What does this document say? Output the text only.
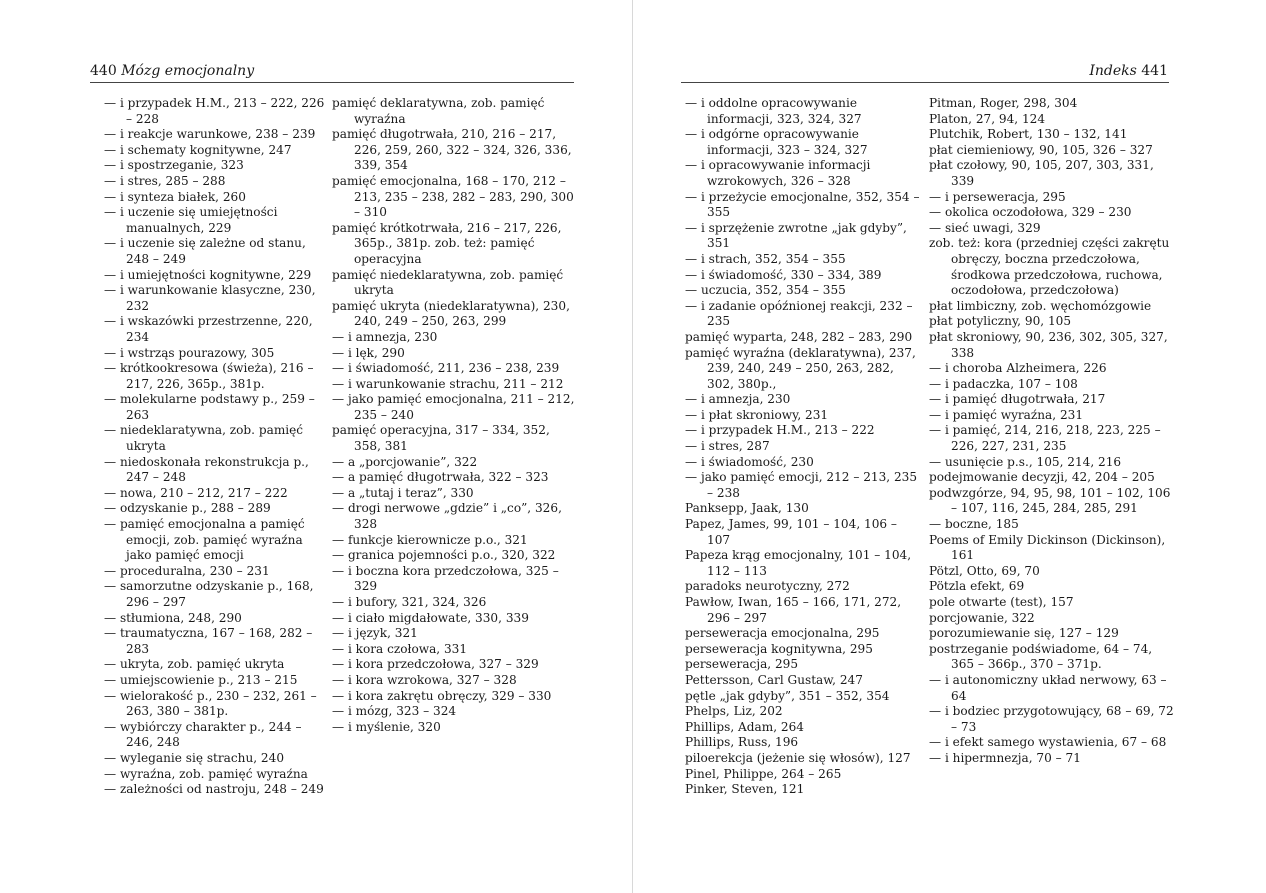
440 Mózg emocjonalny

— i przypadek H.M., 213 – 222, 226 – 228

— i reakcje warunkowe, 238 – 239

— i schematy kognitywne, 247

— i spostrzeganie, 323

— i stres, 285 – 288

— i synteza białek, 260

— i uczenie się umiejętności manualnych, 229

— i uczenie się zależne od stanu, 248 – 249

— i umiejętności kognitywne, 229

— i warunkowanie klasyczne, 230, 232

— i wskazówki przestrzenne, 220, 234

— i wstrząs pourazowy, 305

— krótkookresowa (świeża), 216 – 217, 226, 365p., 381p.

— molekularne podstawy p., 259 – 263

— niedeklaratywna, zob. pamięć ukryta

— niedoskonała rekonstrukcja p., 247 – 248

— nowa, 210 – 212, 217 – 222

— odzyskanie p., 288 – 289

— pamięć emocjonalna a pamięć emocji, zob. pamięć wyraźna jako pamięć emocji

— proceduralna, 230 – 231

— samorzutne odzyskanie p., 168, 296 – 297

— stłumiona, 248, 290

— traumatyczna, 167 – 168, 282 – 283

— ukryta, zob. pamięć ukryta

— umiejscowienie p., 213 – 215

— wielorakość p., 230 – 232, 261 – 263, 380 – 381p.

— wybiórczy charakter p., 244 – 246, 248

— wyleganie się strachu, 240

— wyraźna, zob. pamięć wyraźna

— zależności od nastroju, 248 – 249

pamięć deklaratywna, zob. pamięć wyraźna

pamięć długotrwała, 210, 216 – 217, 226, 259, 260, 322 – 324, 326, 336, 339, 354

pamięć emocjonalna, 168 – 170, 212 – 213, 235 – 238, 282 – 283, 290, 300 – 310

pamięć krótkotrwała, 216 – 217, 226, 365p., 381p. zob. też: pamięć operacyjna

pamięć niedeklaratywna, zob. pamięć ukryta

pamięć ukryta (niedeklaratywna), 230, 240, 249 – 250, 263, 299

— i amnezja, 230

— i lęk, 290

— i świadomość, 211, 236 – 238, 239

— i warunkowanie strachu, 211 – 212

— jako pamięć emocjonalna, 211 – 212, 235 – 240

pamięć operacyjna, 317 – 334, 352, 358, 381

— a „porcjowanie”, 322

— a pamięć długotrwała, 322 – 323

— a „tutaj i teraz”, 330

— drogi nerwowe „gdzie” i „co”, 326, 328

— funkcje kierownicze p.o., 321

— granica pojemności p.o., 320, 322

— i boczna kora przedczołowa, 325 – 329

— i bufory, 321, 324, 326

— i ciało migdałowate, 330, 339

— i język, 321

— i kora czołowa, 331

— i kora przedczołowa, 327 – 329

— i kora wzrokowa, 327 – 328

— i kora zakrętu obręczy, 329 – 330

— i mózg, 323 – 324

— i myślenie, 320

Indeks 441

— i oddolne opracowywanie informacji, 323, 324, 327

— i odgórne opracowywanie informacji, 323 – 324, 327

— i opracowywanie informacji wzrokowych, 326 – 328

— i przeżycie emocjonalne, 352, 354 – 355

— i sprzężenie zwrotne „jak gdyby”, 351

— i strach, 352, 354 – 355

— i świadomość, 330 – 334, 389

— uczucia, 352, 354 – 355

— i zadanie opóźnionej reakcji, 232 – 235

pamięć wyparta, 248, 282 – 283, 290

pamięć wyraźna (deklaratywna), 237, 239, 240, 249 – 250, 263, 282, 302, 380p.,

— i amnezja, 230

— i płat skroniowy, 231

— i przypadek H.M., 213 – 222

— i stres, 287

— i świadomość, 230

— jako pamięć emocji, 212 – 213, 235 – 238

Panksepp, Jaak, 130

Papez, James, 99, 101 – 104, 106 – 107

Papeza krąg emocjonalny, 101 – 104, 112 – 113

paradoks neurotyczny, 272

Pawłow, Iwan, 165 – 166, 171, 272, 296 – 297

perseweracja emocjonalna, 295

perseweracja kognitywna, 295

perseweracja, 295

Pettersson, Carl Gustaw, 247

pętle „jak gdyby”, 351 – 352, 354

Phelps, Liz, 202

Phillips, Adam, 264

Phillips, Russ, 196

piloerekcja (jeżenie się włosów), 127

Pinel, Philippe, 264 – 265

Pinker, Steven, 121

Pitman, Roger, 298, 304

Platon, 27, 94, 124

Plutchik, Robert, 130 – 132, 141

płat ciemieniowy, 90, 105, 326 – 327

płat czołowy, 90, 105, 207, 303, 331, 339

— i perseweracja, 295

— okolica oczodołowa, 329 – 230

— sieć uwagi, 329

zob. też: kora (przedniej części zakrętu obręczy, boczna przedczołowa, środkowa przedczołowa, ruchowa, oczodołowa, przedczołowa)

płat limbiczny, zob. węchomózgowie

płat potyliczny, 90, 105

płat skroniowy, 90, 236, 302, 305, 327, 338

— i choroba Alzheimera, 226

— i padaczka, 107 – 108

— i pamięć długotrwała, 217

— i pamięć wyraźna, 231

— i pamięć, 214, 216, 218, 223, 225 – 226, 227, 231, 235

— usunięcie p.s., 105, 214, 216

podejmowanie decyzji, 42, 204 – 205

podwzgórze, 94, 95, 98, 101 – 102, 106 – 107, 116, 245, 284, 285, 291

— boczne, 185

Poems of Emily Dickinson (Dickinson), 161

Pötzl, Otto, 69, 70

Pötzla efekt, 69

pole otwarte (test), 157

porcjowanie, 322

porozumiewanie się, 127 – 129

postrzeganie podświadome, 64 – 74, 365 – 366p., 370 – 371p.

— i autonomiczny układ nerwowy, 63 – 64

— i bodziec przygotowujący, 68 – 69, 72 – 73

— i efekt samego wystawienia, 67 – 68

— i hipermnezja, 70 – 71
